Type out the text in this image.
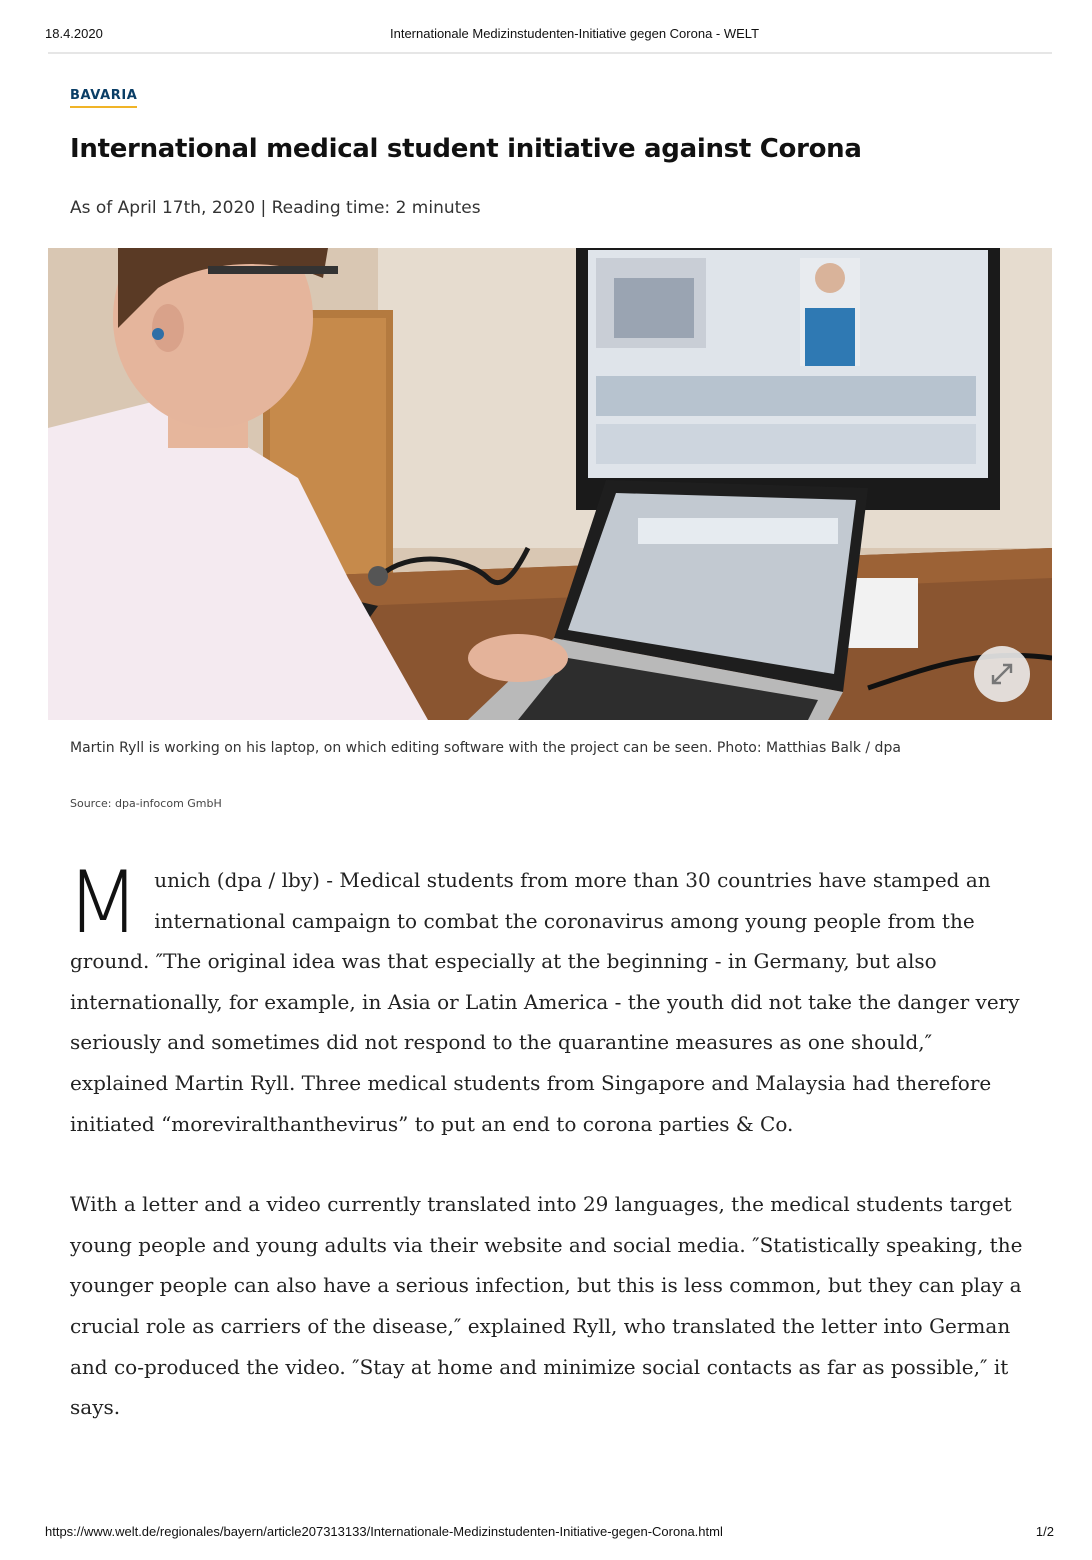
18.4.2020	Internationale Medizinstudenten-Initiative gegen Corona - WELT
BAVARIA
International medical student initiative against Corona
As of April 17th, 2020 | Reading time: 2 minutes
Martin Ryll is working on his laptop, on which editing software with the project can be seen. Photo: Matthias Balk / dpa
Source: dpa-infocom GmbH

Munich (dpa / lby) - Medical students from more than 30 countries have stamped an international campaign to combat the coronavirus among young people from the ground. ″The original idea was that especially at the beginning - in Germany, but also internationally, for example, in Asia or Latin America - the youth did not take the danger very seriously and sometimes did not respond to the quarantine measures as one should,″ explained Martin Ryll. Three medical students from Singapore and Malaysia had therefore initiated “moreviralthanthevirus” to put an end to corona parties & Co.

With a letter and a video currently translated into 29 languages, the medical students target young people and young adults via their website and social media. ″Statistically speaking, the younger people can also have a serious infection, but this is less common, but they can play a crucial role as carriers of the disease,″ explained Ryll, who translated the letter into German and co-produced the video. ″Stay at home and minimize social contacts as far as possible,″ it says.

https://www.welt.de/regionales/bayern/article207313133/Internationale-Medizinstudenten-Initiative-gegen-Corona.html	1/2
